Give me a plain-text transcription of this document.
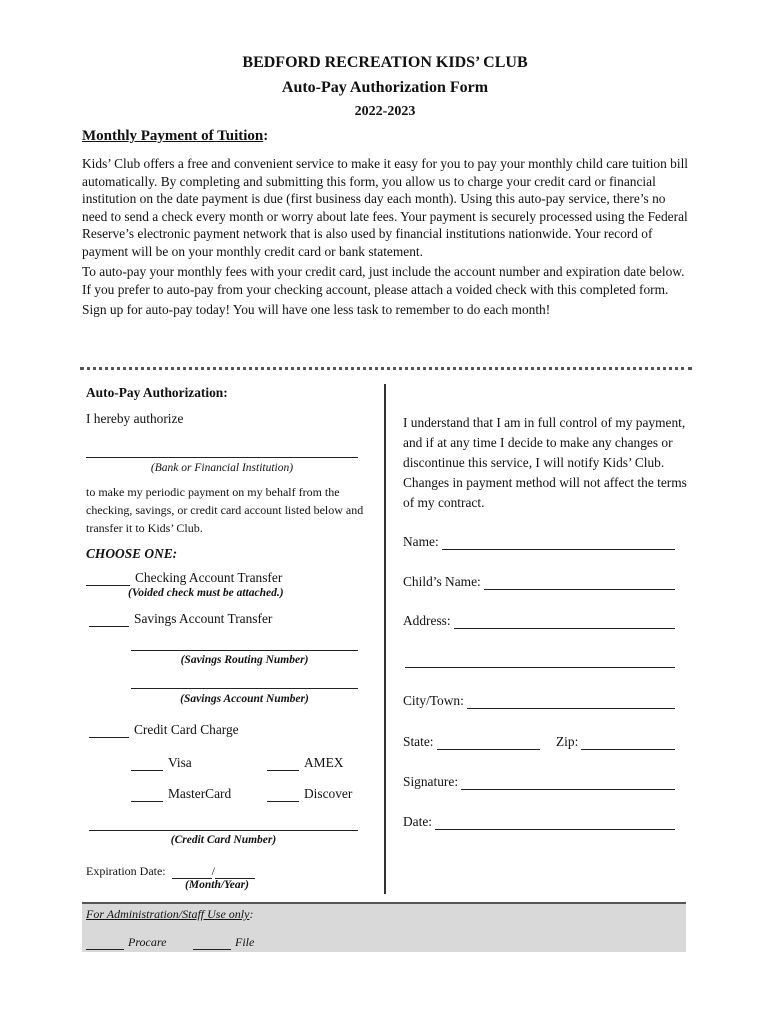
BEDFORD RECREATION KIDS’ CLUB
Auto-Pay Authorization Form
2022-2023
Monthly Payment of Tuition:

Kids’ Club offers a free and convenient service to make it easy for you to pay your monthly child care tuition bill automatically. By completing and submitting this form, you allow us to charge your credit card or financial institution on the date payment is due (first business day each month). Using this auto-pay service, there’s no need to send a check every month or worry about late fees. Your payment is securely processed using the Federal Reserve’s electronic payment network that is also used by financial institutions nationwide. Your record of payment will be on your monthly credit card or bank statement.

To auto-pay your monthly fees with your credit card, just include the account number and expiration date below. If you prefer to auto-pay from your checking account, please attach a voided check with this completed form.

Sign up for auto-pay today! You will have one less task to remember to do each month!

Auto-Pay Authorization:
I hereby authorize
(Bank or Financial Institution)
to make my periodic payment on my behalf from the checking, savings, or credit card account listed below and transfer it to Kids’ Club.
CHOOSE ONE:
Checking Account Transfer
(Voided check must be attached.)
Savings Account Transfer
(Savings Routing Number)
(Savings Account Number)
Credit Card Charge
Visa	AMEX
MasterCard	Discover
(Credit Card Number)
Expiration Date:	/
(Month/Year)
I understand that I am in full control of my payment, and if at any time I decide to make any changes or discontinue this service, I will notify Kids’ Club. Changes in payment method will not affect the terms of my contract.
Name:
Child’s Name:
Address:
City/Town:
State:	Zip:
Signature:
Date:
For Administration/Staff Use only:
Procare	File
